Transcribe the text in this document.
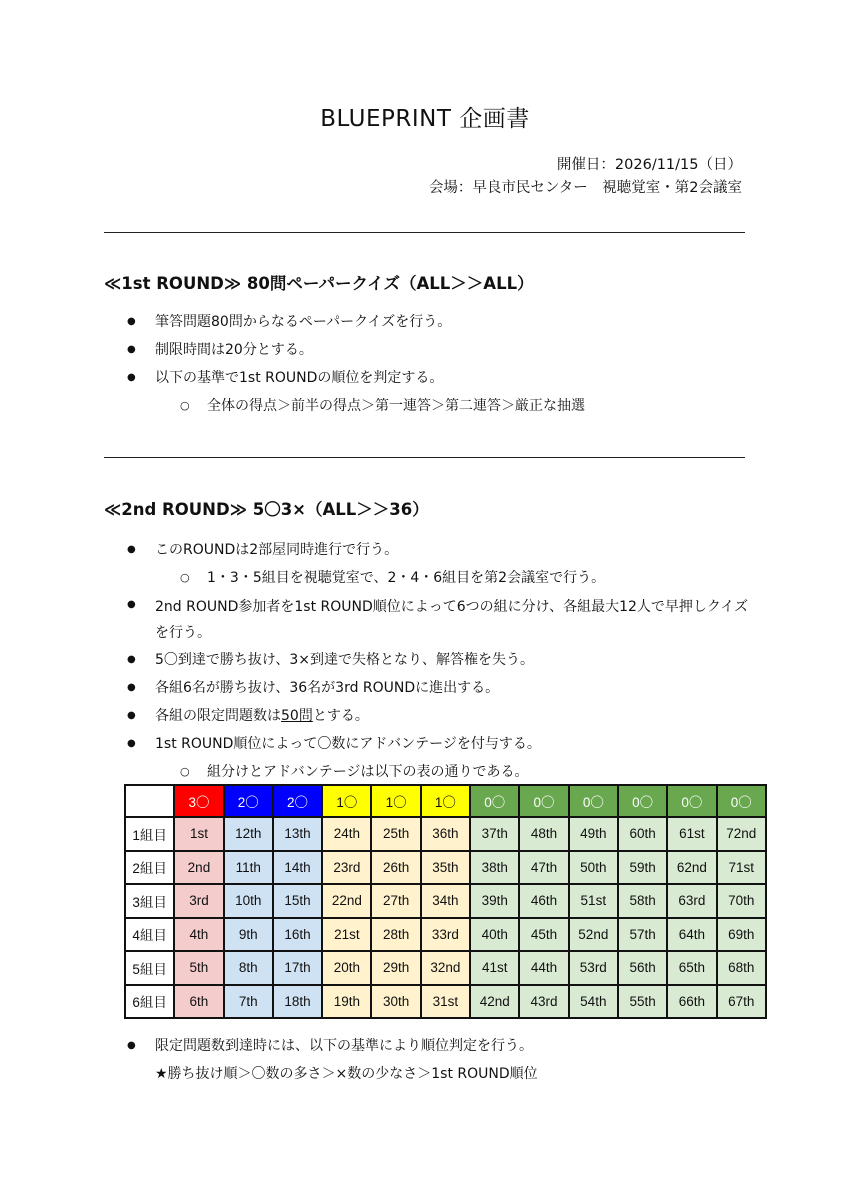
BLUEPRINT 企画書
開催日：2026/11/15（日）
会場：早良市民センター　視聴覚室・第2会議室
≪1st ROUND≫ 80問ペーパークイズ（ALL＞＞ALL）
● 筆答問題80問からなるペーパークイズを行う。
● 制限時間は20分とする。
● 以下の基準で1st ROUNDの順位を判定する。
○ 全体の得点＞前半の得点＞第一連答＞第二連答＞厳正な抽選
≪2nd ROUND≫ 5〇3×（ALL＞＞36）
● このROUNDは2部屋同時進行で行う。
○ 1・3・5組目を視聴覚室で、2・4・6組目を第2会議室で行う。
● 2nd ROUND参加者を1st ROUND順位によって6つの組に分け、各組最大12人で早押しクイズを行う。
● 5〇到達で勝ち抜け、3×到達で失格となり、解答権を失う。
● 各組6名が勝ち抜け、36名が3rd ROUNDに進出する。
● 各組の限定問題数は50問とする。
● 1st ROUND順位によって〇数にアドバンテージを付与する。
○ 組分けとアドバンテージは以下の表の通りである。
	3〇	2〇	2〇	1〇	1〇	1〇	0〇	0〇	0〇	0〇	0〇	0〇
1組目	1st	12th	13th	24th	25th	36th	37th	48th	49th	60th	61st	72nd
2組目	2nd	11th	14th	23rd	26th	35th	38th	47th	50th	59th	62nd	71st
3組目	3rd	10th	15th	22nd	27th	34th	39th	46th	51st	58th	63rd	70th
4組目	4th	9th	16th	21st	28th	33rd	40th	45th	52nd	57th	64th	69th
5組目	5th	8th	17th	20th	29th	32nd	41st	44th	53rd	56th	65th	68th
6組目	6th	7th	18th	19th	30th	31st	42nd	43rd	54th	55th	66th	67th
● 限定問題数到達時には、以下の基準により順位判定を行う。
★勝ち抜け順＞〇数の多さ＞×数の少なさ＞1st ROUND順位
